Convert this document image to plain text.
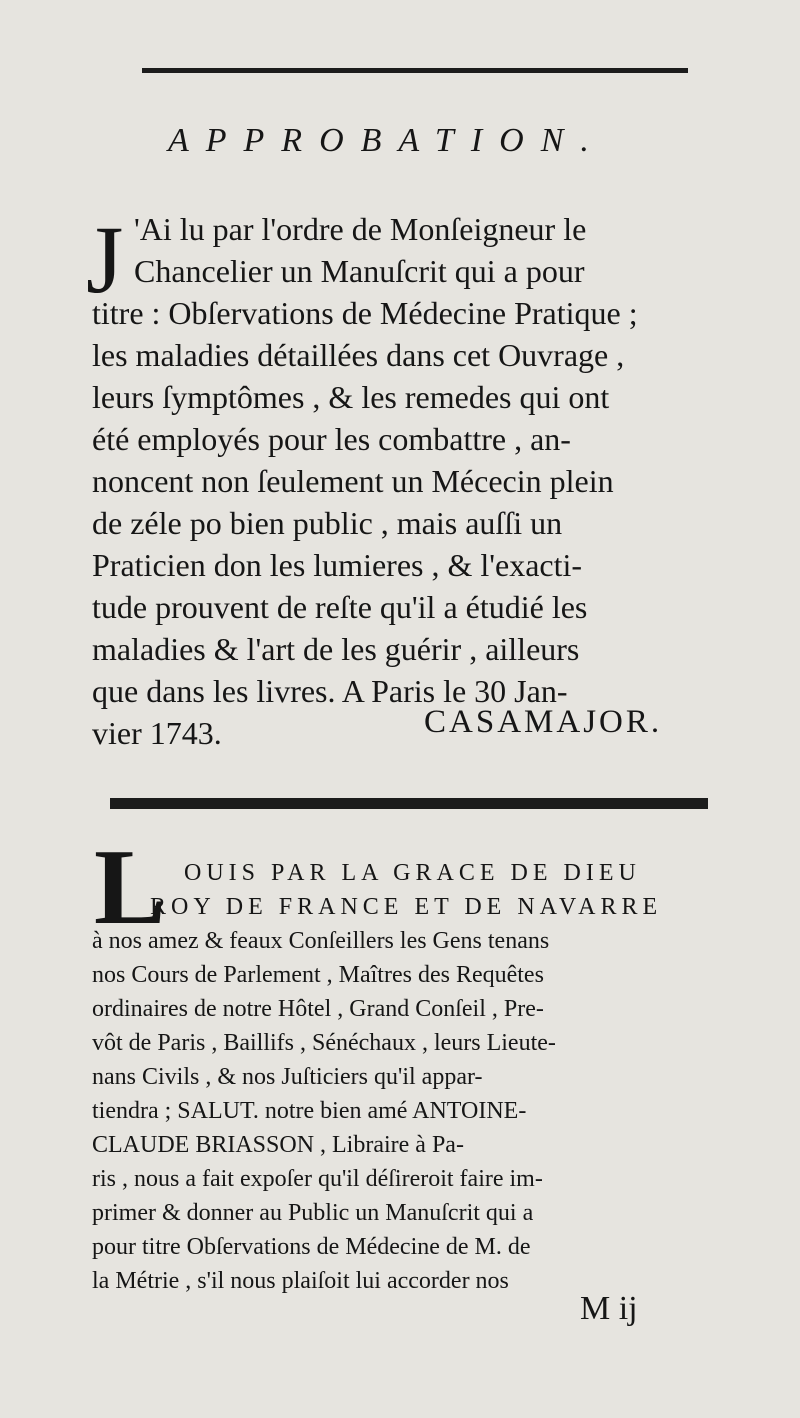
APPROBATION.
J 'Ai lu par l'ordre de Monſeigneur le
Chancelier un Manuſcrit qui a pour
titre : Obſervations de Médecine Pratique ;
les maladies détaillées dans cet Ouvrage ,
leurs ſymptômes , & les remedes qui ont
été employés pour les combattre , an-
noncent non ſeulement un Mécecin plein
de zéle po bien public , mais auſſi un
Praticien don les lumieres , & l'exacti-
tude prouvent de reſte qu'il a étudié les
maladies & l'art de les guérir , ailleurs
que dans les livres. A Paris le 30 Jan-
vier 1743.	CASAMAJOR.
L OUIS PAR LA GRACE DE DIEU
ROY DE FRANCE ET DE NAVARRE
à nos amez & feaux Conſeillers les Gens tenans
nos Cours de Parlement , Maîtres des Requêtes
ordinaires de notre Hôtel , Grand Conſeil , Pre-
vôt de Paris , Baillifs , Sénéchaux , leurs Lieute-
nans Civils , & nos Juſticiers qu'il appar-
tiendra ; SALUT. notre bien amé ANTOINE-
CLAUDE BRIASSON , Libraire à Pa-
ris , nous a fait expoſer qu'il déſireroit faire im-
primer & donner au Public un Manuſcrit qui a
pour titre Obſervations de Médecine de M. de
la Métrie , s'il nous plaiſoit lui accorder nos
M ij
